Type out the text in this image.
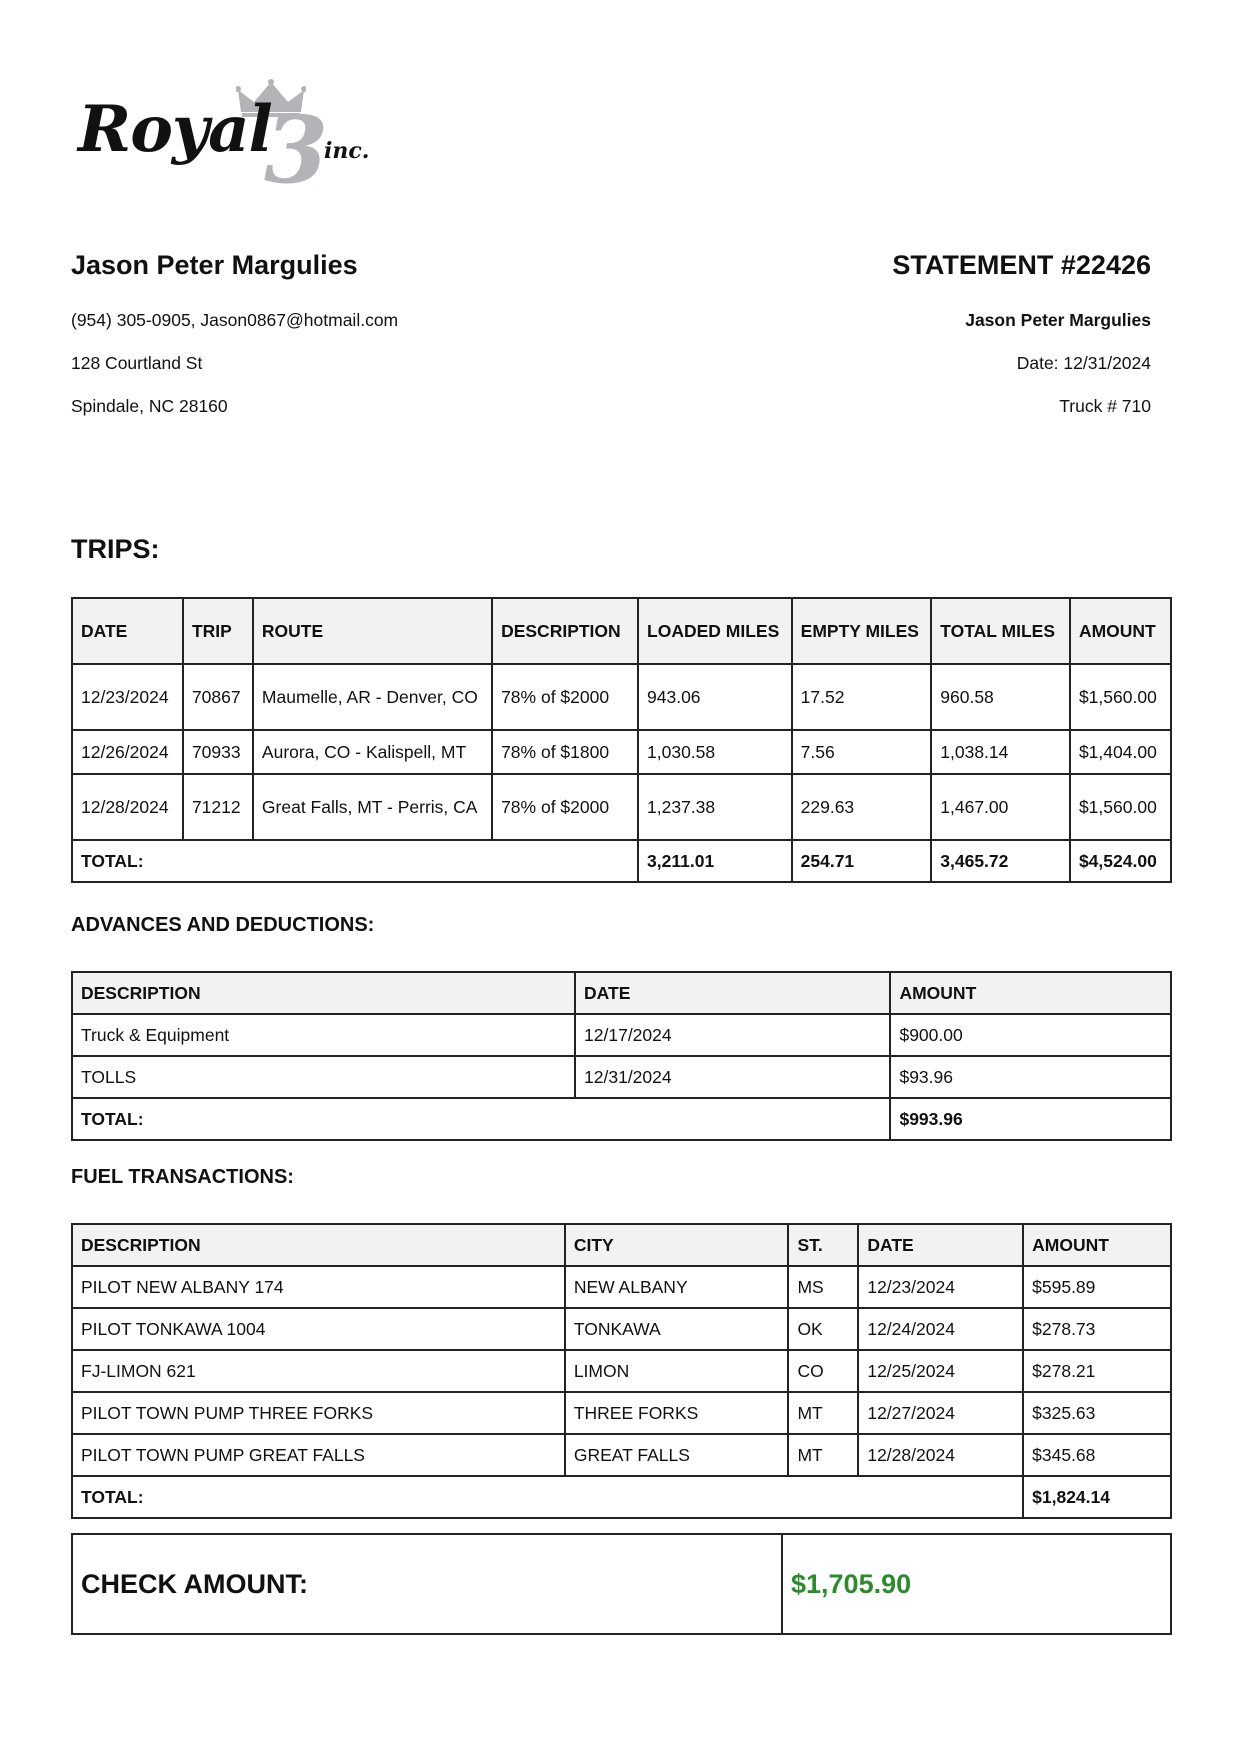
3
Royal inc.
Jason Peter Margulies
(954) 305-0905, Jason0867@hotmail.com
128 Courtland St
Spindale, NC 28160
STATEMENT #22426
Jason Peter Margulies
Date: 12/31/2024
Truck # 710
TRIPS:
DATE	TRIP	ROUTE	DESCRIPTION	LOADED MILES	EMPTY MILES	TOTAL MILES	AMOUNT
12/23/2024	70867	Maumelle, AR - Denver, CO	78% of $2000	943.06	17.52	960.58	$1,560.00
12/26/2024	70933	Aurora, CO - Kalispell, MT	78% of $1800	1,030.58	7.56	1,038.14	$1,404.00
12/28/2024	71212	Great Falls, MT - Perris, CA	78% of $2000	1,237.38	229.63	1,467.00	$1,560.00
TOTAL:				3,211.01	254.71	3,465.72	$4,524.00
ADVANCES AND DEDUCTIONS:
DESCRIPTION	DATE	AMOUNT
Truck & Equipment	12/17/2024	$900.00
TOLLS	12/31/2024	$93.96
TOTAL:		$993.96
FUEL TRANSACTIONS:
DESCRIPTION	CITY	ST.	DATE	AMOUNT
PILOT NEW ALBANY 174	NEW ALBANY	MS	12/23/2024	$595.89
PILOT TONKAWA 1004	TONKAWA	OK	12/24/2024	$278.73
FJ-LIMON 621	LIMON	CO	12/25/2024	$278.21
PILOT TOWN PUMP THREE FORKS	THREE FORKS	MT	12/27/2024	$325.63
PILOT TOWN PUMP GREAT FALLS	GREAT FALLS	MT	12/28/2024	$345.68
TOTAL:				$1,824.14
CHECK AMOUNT:	$1,705.90
